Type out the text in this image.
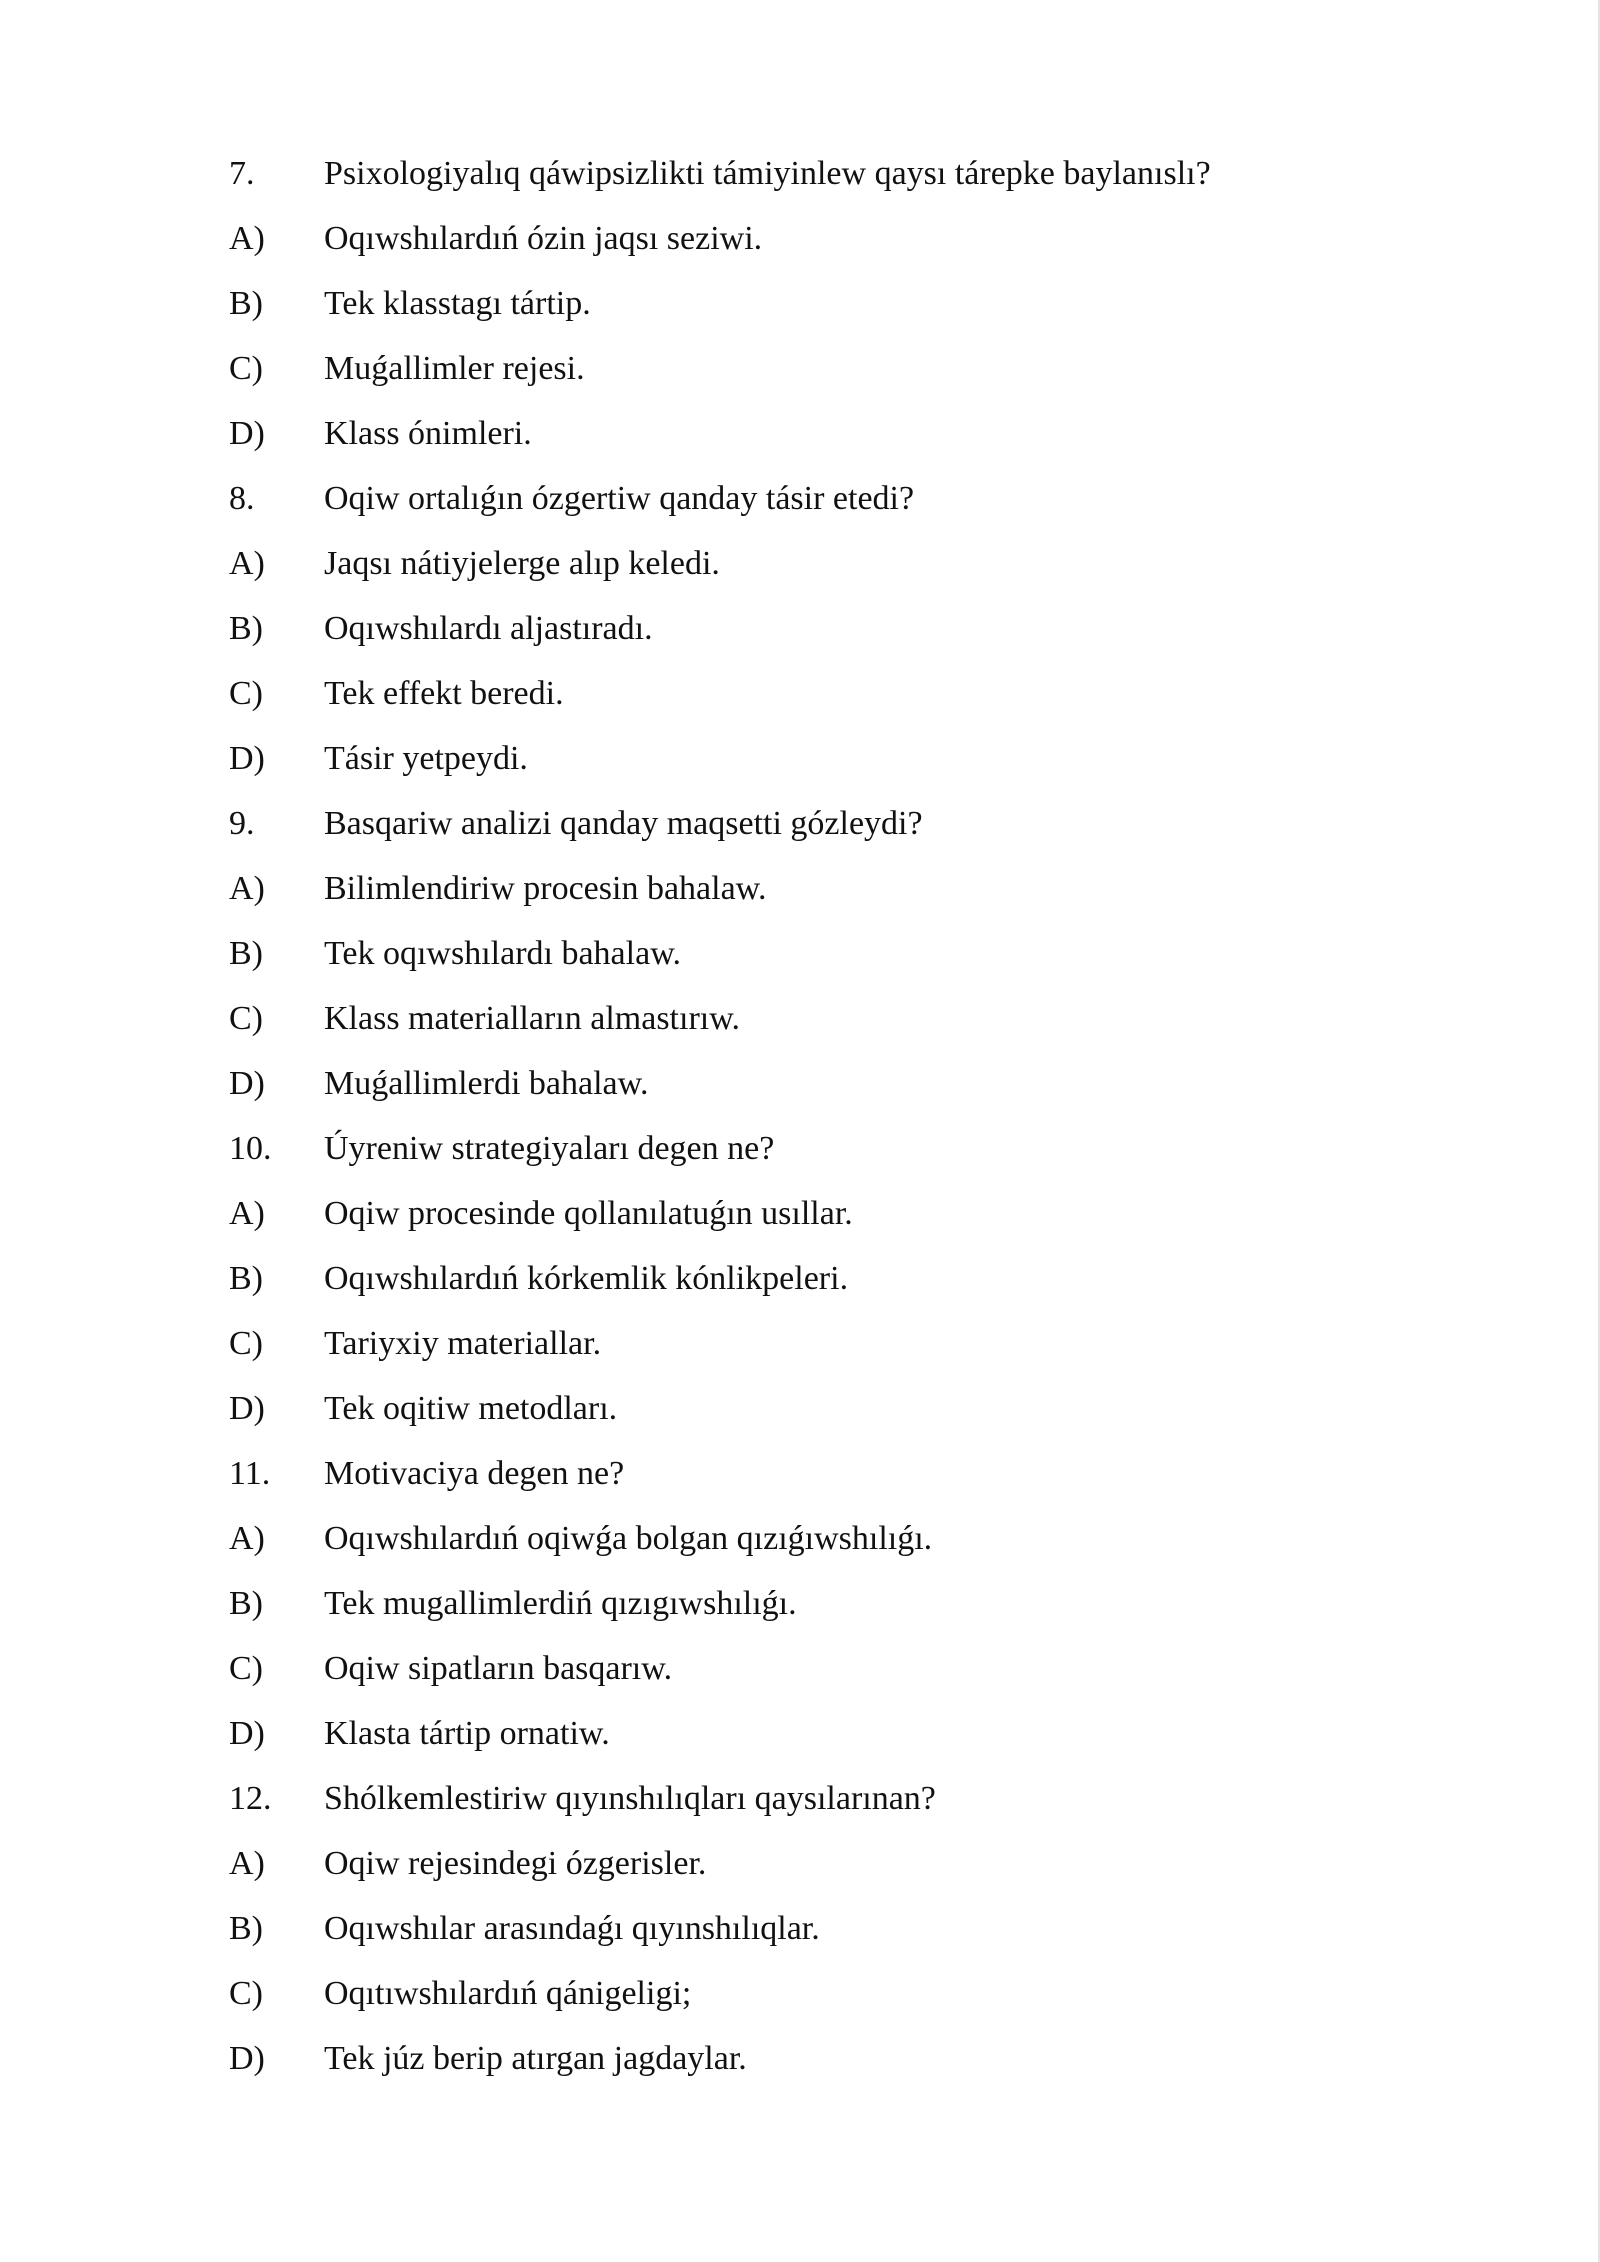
7.	Psixologiyalıq qáwipsizlikti támiyinlew qaysı tárepke baylanıslı?
A)	Oqıwshılardıń ózin jaqsı seziwi.
B)	Tek klasstagı tártip.
C)	Muǵallimler rejesi.
D)	Klass ónimleri.
8.	Oqiw ortalıǵın ózgertiw qanday tásir etedi?
A)	Jaqsı nátiyjelerge alıp keledi.
B)	Oqıwshılardı aljastıradı.
C)	Tek effekt beredi.
D)	Tásir yetpeydi.
9.	Basqariw analizi qanday maqsetti gózleydi?
A)	Bilimlendiriw procesin bahalaw.
B)	Tek oqıwshılardı bahalaw.
C)	Klass materialların almastırıw.
D)	Muǵallimlerdi bahalaw.
10.	Úyreniw strategiyaları degen ne?
A)	Oqiw procesinde qollanılatuǵın usıllar.
B)	Oqıwshılardıń kórkemlik kónlikpeleri.
C)	Tariyxiy materiallar.
D)	Tek oqitiw metodları.
11.	Motivaciya degen ne?
A)	Oqıwshılardıń oqiwǵa bolgan qızıǵıwshılıǵı.
B)	Tek mugallimlerdiń qızıgıwshılıǵı.
C)	Oqiw sipatların basqarıw.
D)	Klasta tártip ornatiw.
12.	Shólkemlestiriw qıyınshılıqları qaysılarınan?
A)	Oqiw rejesindegi ózgerisler.
B)	Oqıwshılar arasındaǵı qıyınshılıqlar.
C)	Oqıtıwshılardıń qánigeligi;
D)	Tek júz berip atırgan jagdaylar.
